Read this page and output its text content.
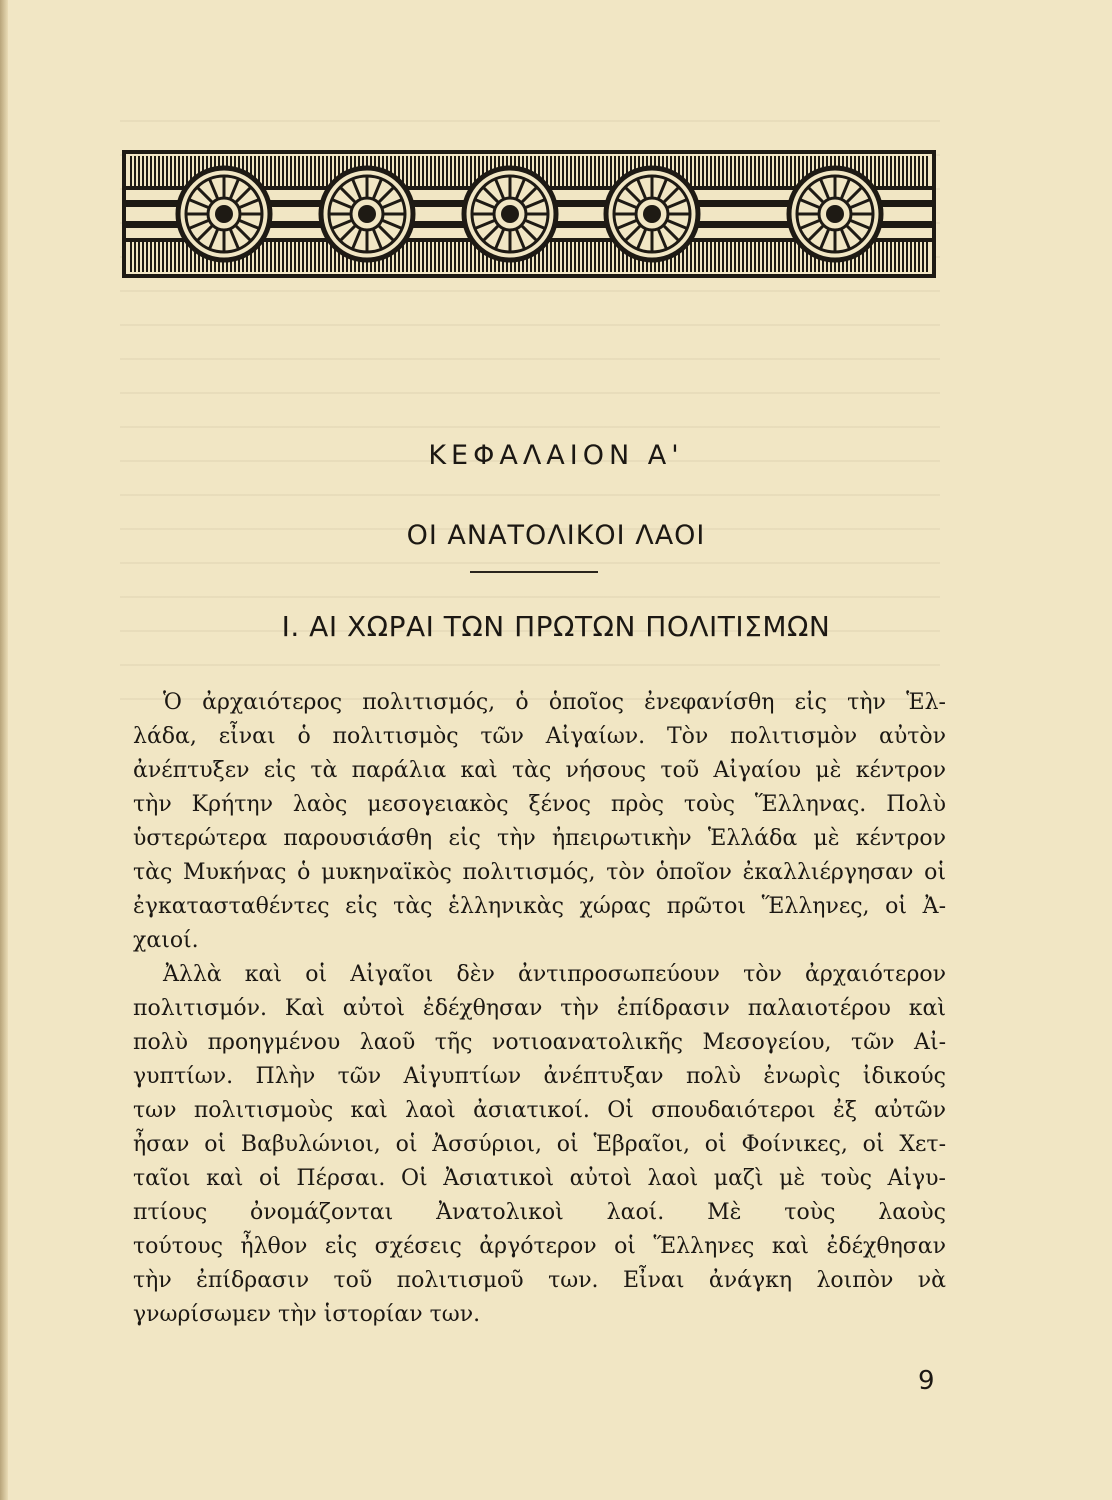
ΚΕΦΑΛΑΙΟΝ Α'
ΟΙ ΑΝΑΤΟΛΙΚΟΙ ΛΑΟΙ
I. ΑΙ ΧΩΡΑΙ ΤΩΝ ΠΡΩΤΩΝ ΠΟΛΙΤΙΣΜΩΝ
Ὁ ἀρχαιότερος πολιτισμός, ὁ ὁποῖος ἐνεφανίσθη εἰς τὴν Ἑλ-
λάδα, εἶναι ὁ πολιτισμὸς τῶν Αἰγαίων. Τὸν πολιτισμὸν αὐτὸν
ἀνέπτυξεν εἰς τὰ παράλια καὶ τὰς νήσους τοῦ Αἰγαίου μὲ κέντρον
τὴν Κρήτην λαὸς μεσογειακὸς ξένος πρὸς τοὺς Ἕλληνας. Πολὺ
ὑστερώτερα παρουσιάσθη εἰς τὴν ἠπειρωτικὴν Ἑλλάδα μὲ κέντρον
τὰς Μυκήνας ὁ μυκηναϊκὸς πολιτισμός, τὸν ὁποῖον ἐκαλλιέργησαν οἱ
ἐγκατασταθέντες εἰς τὰς ἑλληνικὰς χώρας πρῶτοι Ἕλληνες, οἱ Ἀ-
χαιοί.
Ἀλλὰ καὶ οἱ Αἰγαῖοι δὲν ἀντιπροσωπεύουν τὸν ἀρχαιότερον
πολιτισμόν. Καὶ αὐτοὶ ἐδέχθησαν τὴν ἐπίδρασιν παλαιοτέρου καὶ
πολὺ προηγμένου λαοῦ τῆς νοτιοανατολικῆς Μεσογείου, τῶν Αἰ-
γυπτίων. Πλὴν τῶν Αἰγυπτίων ἀνέπτυξαν πολὺ ἐνωρὶς ἰδικούς
των πολιτισμοὺς καὶ λαοὶ ἀσιατικοί. Οἱ σπουδαιότεροι ἐξ αὐτῶν
ἦσαν οἱ Βαβυλώνιοι, οἱ Ἀσσύριοι, οἱ Ἑβραῖοι, οἱ Φοίνικες, οἱ Χετ-
ταῖοι καὶ οἱ Πέρσαι. Οἱ Ἀσιατικοὶ αὐτοὶ λαοὶ μαζὶ μὲ τοὺς Αἰγυ-
πτίους ὀνομάζονται Ἀνατολικοὶ λαοί. Μὲ τοὺς λαοὺς
τούτους ἦλθον εἰς σχέσεις ἀργότερον οἱ Ἕλληνες καὶ ἐδέχθησαν
τὴν ἐπίδρασιν τοῦ πολιτισμοῦ των. Εἶναι ἀνάγκη λοιπὸν νὰ
γνωρίσωμεν τὴν ἱστορίαν των.
9
